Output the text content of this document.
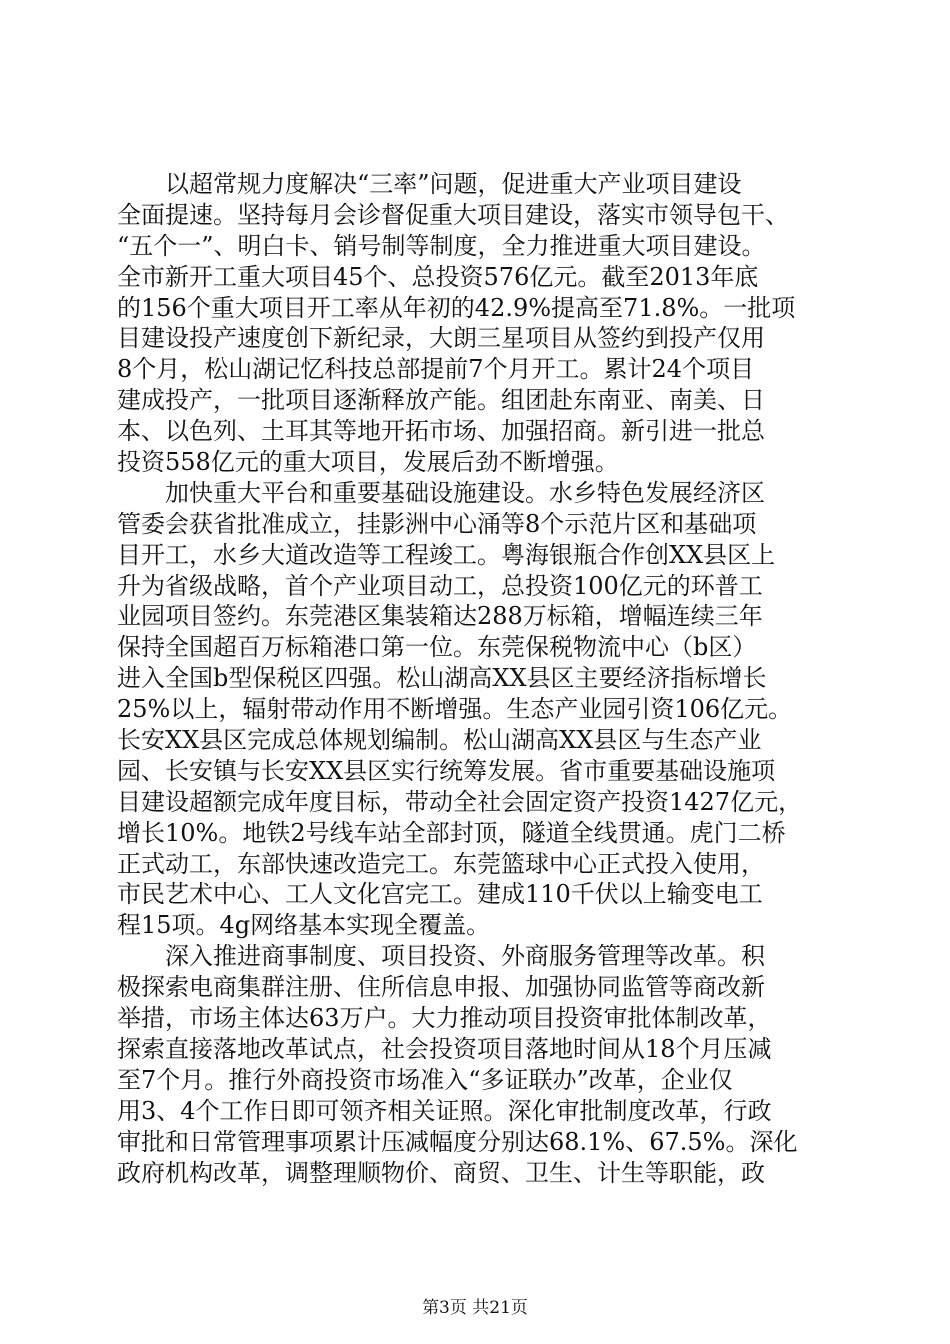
　　以超常规力度解决“三率”问题，促进重大产业项目建设
全面提速。坚持每月会诊督促重大项目建设，落实市领导包干、
“五个一”、明白卡、销号制等制度，全力推进重大项目建设。
全市新开工重大项目45个、总投资576亿元。截至2013年底
的156个重大项目开工率从年初的42.9%提高至71.8%。一批项
目建设投产速度创下新纪录，大朗三星项目从签约到投产仅用
8个月，松山湖记忆科技总部提前7个月开工。累计24个项目
建成投产，一批项目逐渐释放产能。组团赴东南亚、南美、日
本、以色列、土耳其等地开拓市场、加强招商。新引进一批总
投资558亿元的重大项目，发展后劲不断增强。
　　加快重大平台和重要基础设施建设。水乡特色发展经济区
管委会获省批准成立，挂影洲中心涌等8个示范片区和基础项
目开工，水乡大道改造等工程竣工。粤海银瓶合作创XX县区上
升为省级战略，首个产业项目动工，总投资100亿元的环普工
业园项目签约。东莞港区集装箱达288万标箱，增幅连续三年
保持全国超百万标箱港口第一位。东莞保税物流中心（b区）
进入全国b型保税区四强。松山湖高XX县区主要经济指标增长
25%以上，辐射带动作用不断增强。生态产业园引资106亿元。
长安XX县区完成总体规划编制。松山湖高XX县区与生态产业
园、长安镇与长安XX县区实行统筹发展。省市重要基础设施项
目建设超额完成年度目标，带动全社会固定资产投资1427亿元，
增长10%。地铁2号线车站全部封顶，隧道全线贯通。虎门二桥
正式动工，东部快速改造完工。东莞篮球中心正式投入使用，
市民艺术中心、工人文化宫完工。建成110千伏以上输变电工
程15项。4g网络基本实现全覆盖。
　　深入推进商事制度、项目投资、外商服务管理等改革。积
极探索电商集群注册、住所信息申报、加强协同监管等商改新
举措，市场主体达63万户。大力推动项目投资审批体制改革，
探索直接落地改革试点，社会投资项目落地时间从18个月压减
至7个月。推行外商投资市场准入“多证联办”改革，企业仅
用3、4个工作日即可领齐相关证照。深化审批制度改革，行政
审批和日常管理事项累计压减幅度分别达68.1%、67.5%。深化
政府机构改革，调整理顺物价、商贸、卫生、计生等职能，政
第3页 共21页
